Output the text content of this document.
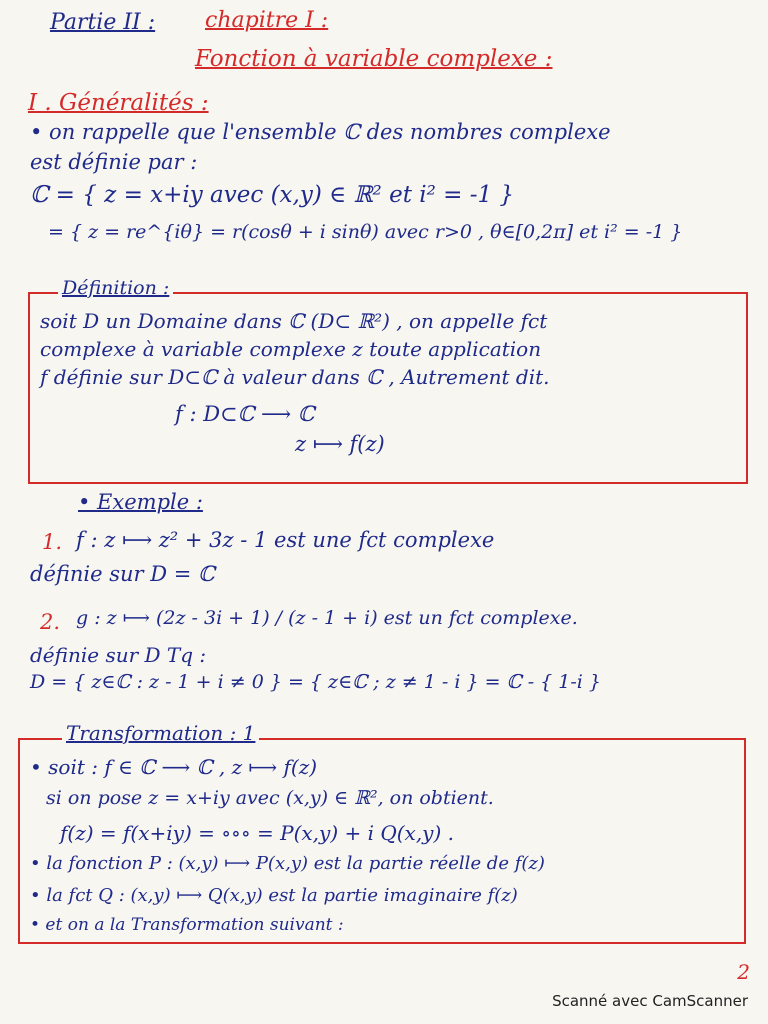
Partie II : chapitre I :
Fonction à variable complexe :
I . Généralités :
• on rappelle que l'ensemble ℂ des nombres complexe
est définie par :
ℂ = { z = x+iy avec (x,y) ∈ ℝ² et i² = -1 }
= { z = re^{iθ} = r(cosθ + i sinθ) avec r>0 , θ∈[0,2π] et i² = -1 }
Définition :
soit D un Domaine dans ℂ (D⊂ ℝ²) , on appelle fct
complexe à variable complexe z toute application
f définie sur D⊂ℂ à valeur dans ℂ , Autrement dit.
f : D⊂ℂ ⟶ ℂ
z ⟼ f(z)
• Exemple :
1. f : z ⟼ z² + 3z - 1 est une fct complexe
définie sur D = ℂ
2. g : z ⟼ (2z - 3i + 1) / (z - 1 + i) est un fct complexe.
définie sur D Tq :
D = { z∈ℂ : z - 1 + i ≠ 0 } = { z∈ℂ ; z ≠ 1 - i } = ℂ - { 1-i }
Transformation : 1
• soit : f ∈ ℂ ⟶ ℂ , z ⟼ f(z)
si on pose z = x+iy avec (x,y) ∈ ℝ², on obtient.
f(z) = f(x+iy) = ∘∘∘ = P(x,y) + i Q(x,y) .
• la fonction P : (x,y) ⟼ P(x,y) est la partie réelle de f(z)
• la fct Q : (x,y) ⟼ Q(x,y) est la partie imaginaire f(z)
• et on a la Transformation suivant :
2
Scanné avec CamScanner
